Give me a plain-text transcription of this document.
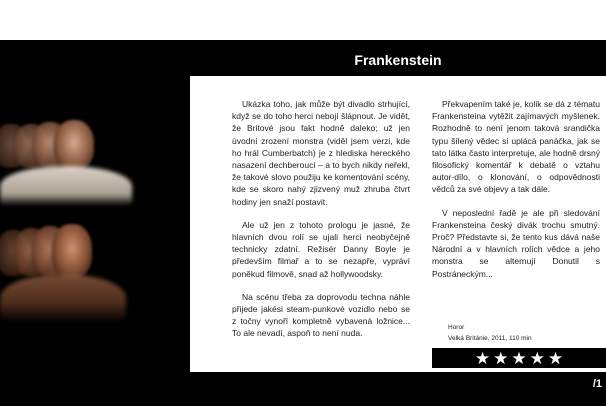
Frankenstein

Ukázka toho, jak může být divadlo strhující, když se do toho herci nebojí šlápnout. Je vidět, že Britové jsou fakt hodně daleko; už jen úvodní zrození monstra (viděl jsem verzi, kde ho hrál Cumberbatch) je z hlediska hereckého nasazení dechberoucí – a to bych nikdy neřekl, že takové slovo použiju ke komentování scény, kde se skoro nahý zjizvený muž zhruba čtvrt hodiny jen snaží postavit.

Ale už jen z tohoto prologu je jasné, že hlavních dvou rolí se ujali herci neobyčejně technicky zdatní. Režisér Danny Boyle je především filmař a to se nezapře, vypráví poněkud filmově, snad až hollywoodsky.

Na scénu třeba za doprovodu techna náhle přijede jakési steam-punkové vozidlo nebo se z točny vynoří kompletně vybavená ložnice... To ale nevadí, aspoň to není nuda.

Překvapením také je, kolik se dá z tématu Frankensteina vytěžit zajímavých myšlenek. Rozhodně to není jenom taková srandička typu šílený vědec si uplácá panáčka, jak se tato látka často interpretuje, ale hodně drsný filosofický komentář k debatě o vztahu autor-dílo, o klonování, o odpovědnosti vědců za své objevy a tak dále.

V neposlední řadě je ale při sledování Frankensteina český divák trochu smutný. Proč? Představte si, že tento kus dává naše Národní a v hlavních rolích vědce a jeho monstra se alternují Donutil s Postráneckým...

Horor
Velká Británie, 2011, 110 min
★ ★ ★ ★ ★
/1
